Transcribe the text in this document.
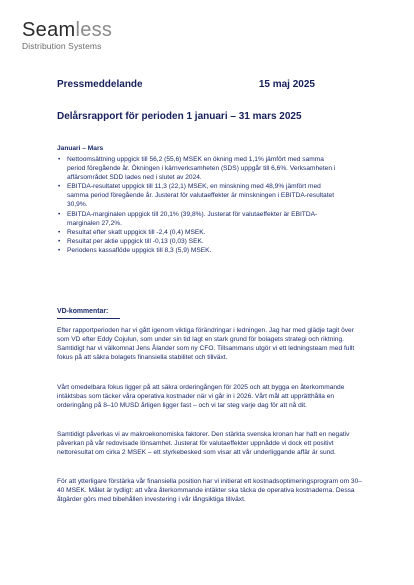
Seamless
Distribution Systems
Pressmeddelande	15 maj 2025
Delårsrapport för perioden 1 januari – 31 mars 2025
Januari – Mars
• Nettoomsättning uppgick till 56,2 (55,6) MSEK en ökning med 1,1% jämfört med samma period föregående år. Ökningen i kärnverksamheten (SDS) uppgår till 6,6%. Verksamheten i affärsområdet SDD lades ned i slutet av 2024.
• EBITDA-resultatet uppgick till 11,3 (22,1) MSEK, en minskning med 48,9% jämfört med samma period föregående år. Justerat för valutaeffekter är minskningen i EBITDA-resultatet 30,9%.
• EBITDA-marginalen uppgick till 20,1% (39,8%). Justerat för valutaeffekter är EBITDA-marginalen 27,2%.
• Resultat efter skatt uppgick till -2,4 (0,4) MSEK.
• Resultat per aktie uppgick till -0,13 (0,03) SEK.
• Periodens kassaflöde uppgick till 8,3 (5,9) MSEK.
VD-kommentar:

Efter rapportperioden har vi gått igenom viktiga förändringar i ledningen. Jag har med glädje tagit över som VD efter Eddy Cojulun, som under sin tid lagt en stark grund för bolagets strategi och riktning. Samtidigt har vi välkomnat Jens Ålander som ny CFO. Tillsammans utgör vi ett ledningsteam med fullt fokus på att säkra bolagets finansiella stabilitet och tillväxt.

Vårt omedelbara fokus ligger på att säkra orderingången för 2025 och att bygga en återkommande intäktsbas som täcker våra operativa kostnader när vi går in i 2026. Vårt mål att upprätthålla en orderingång på 8–10 MUSD årligen ligger fast – och vi tar steg varje dag för att nå dit.

Samtidigt påverkas vi av makroekonomiska faktorer. Den stärkta svenska kronan har haft en negativ påverkan på vår redovisade lönsamhet. Justerat för valutaeffekter uppnådde vi dock ett positivt nettoresultat om cirka 2 MSEK – ett styrkebesked som visar att vår underliggande affär är sund.

För att ytterligare förstärka vår finansiella position har vi initierat ett kostnadsoptimeringsprogram om 30–40 MSEK. Målet är tydligt: att våra återkommande intäkter ska täcka de operativa kostnaderna. Dessa åtgärder görs med bibehållen investering i vår långsiktiga tillväxt.
